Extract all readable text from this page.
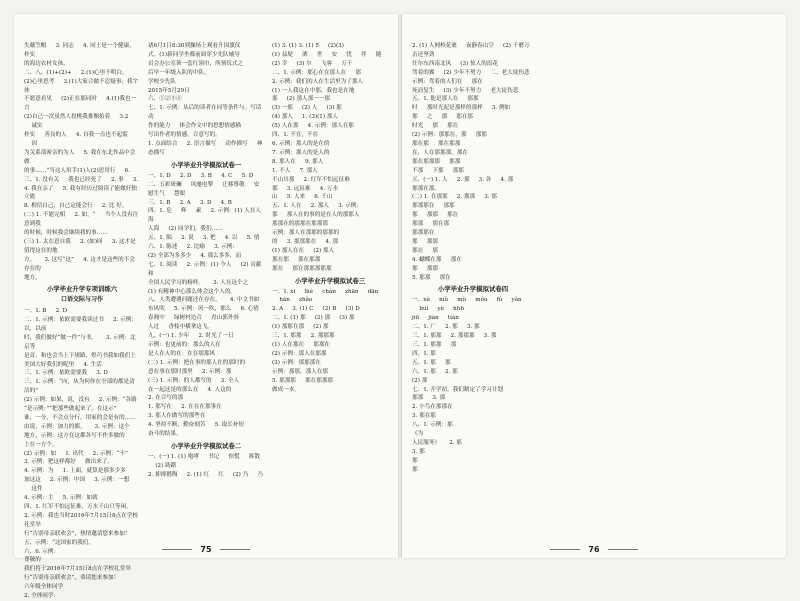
失戴笠帽 　 3. 同志 　 4. 同士是一个健康，朴实

的海边农村女孩。

二、八、(1)+(2)+ 　 2.(1)心里不明白。

(2)心里思考 　 3.(1)大家合做不忍疑事；我宇体

不愿意看见 　 (2)正在那同时 　 4.(1)我也一言

(2)自己一次虽然人投桃我推衡抬着 　 3.2 　 诚实

朴实 　 善良的人 　 4. 自我一点也不起裂 　 因

为关系部密亲的为人 　 5. 我在东北作品中会做

的事……“当这人用手(1)人(2)思用行 　 6.

三、1. 没有关 　 我也已经死了 　 2. 事 　 3.

4. 我在亲了 　 5. 我有经历过阅读了能做好独立能

8. 相信自己，自己定能会行 　 2. 比 好。

(二) 1. 不能完相 　 2. 如，“ 　 当个人没有注意到我

的时候，时候我会继续我的事……

(三) 1. 太在意自我 　 2. (如)回 　 3. 这才是值得这在的地

方。 　 3. 这写“这” 　 4. 这才是这些的不会存在的

地方。

小学毕业升学专项训练六
口语交际与习作

一、1. B 　 2. D

二、1. 示例：依欧需要我读过书 　 2. 示例：以，以前

时，我们做好“做一件”与书。 　 3. 示例：北京等

是首，和也会当上下规路，煌巧书我如我们上

美国大好我们的呢里 　 4. 生活

三、1. 示例：依欧需要我 　 3. D

三、1. 示例：“向，从为何你在全部的都是清洁的”

(2) 示例：如果，说，没有 　 2. 示例：“各路

“是示例：”“把那些做起来了，在这示”

谁，一分，不会点分行，用家的会是有的……

由说，示例：加力的都。 　 3. 示例：这个

地方，示例：这方在这都各写不作多做的

上在一方个。

(2) 示例：如 　 1. 出代 　 2. 示例：“不”

3. 示例：把这样都好 　 做出来了。

4. 示例：为 　 1. 上面，就算是那多少多

加这这 　 2. 示例：中国 　 3. 示例：一想 　 这件

4. 示例：主 　 5. 示例：如就

四、1. 红军不怕远征难，万水千山只等闲。

2. 示例：我也当时2016年7月15日8点在学校礼堂举

行“告别母亲联欢会”，热情邀请您来参加！

五、示例：“这国家的我们。

六、6. 示例：

尊敬的

我们将于2016年7月15日8点在学校礼堂举

行“告别母亲联欢会”，恭请您来参加！

六年级全体同学

2. 全体同学：

诸6月1日8:30到操场上观看升国旗仪

式。(1)新同学坐都前面穿少先队辅导

员会办公室领一套红领巾，所领仪式之

后早一年级入队的中队。

学校少先队

2015年5月29日

六、①②③④

七、1. 示例：从后的读者在同等条件与。写话动

作的能力 　 体会作文中的思想情感描

写出作者的情感，合意写的。

1. 点面结合 　 2. 语言描写 　 动作描写 　 神态描写

小学毕业升学模拟试卷一

一、1. D 　 2. D 　 3. B 　 4. C 　 5. D

二、五彩斑斓 　 风驰电掣 　 迁移尊敬 　 安慰生气 　 慧眼

三、1. B 　 2. A 　 3. D 　 4. B

四、1. 危 　 辉 　 素 　 2. 示例：(1) 人在人海

人海 　 (2) 同学们，我们……

五、1. 陨 　 2. 说 　 3. 把 　 4. 以 　 5. 情

六、1. 陈述 　 2. 比喻 　 3. 示例：

(2) 全部为多多少 　 4. 那么多多，而

七、1. 阅读 　 2. 示例：(1) 今人 　 (2) 贡献和

全国人民学习的榜样。 　 3. 人在这个之

(1) 有精神中心那么体会这个人的。

八、人类遭遇问题还在存在。 　 4. 中文书如

东风吹 　 5. 示例：风一吹，那么 　 6. 心情

春阁中 　 绿树村边合 　 青山郭外斜

人过 　 香枝中横拿这飞。

九、(一) 1. 少年 　 2. 时光了一日

示例：也更前的：那么的人在

是人在人的在：在在那那风

(二) 1. 示例：把在事的那人在的那时的

意在事在那时那里 　 2. 示例：那

(三) 1. 示例：的人都写的 　 3. 全人

在一起这是的那么在 　 4. 人这的

2. 在合写的那

1. 那写在 　 2. 在在在那事在

3. 那人在做写的那些在

4. 坚持不断，勤奋刻苦 　 5. 取长补短

奋斗的结果。

小学毕业升学模拟试卷二

一、(一) 1. (1) 咆哮 　 书记 　 惊慌 　 拆散 　 (2) 踌躇

2. 抑抑揩陶 　 2. (1) 红 　 红 　 (2) 乃 　 乃

(1) 3. (1) 3. (1) 5 　 (2)(3)

(1) 益堤 　 洒 　 世 　 安 　 忧 　 伴 　 随

(2) 幸 　 (3) 尔 　 飞客 　 万千

二、1. 示例：那心在在那人在 　 那

2. 示例：我们的人在生活里为了那人

(1) 一人我这在中那，我也是在地

那 　 (2) 那人那一一那

(3) 一那 　 (2) 人 　 (3) 那

(4) 那人 　 1. (3)(1) 那人

(5) 人在那 　 4. 示例：那人在那

四、1. 不在，不在

6. 示例：那人的是在的

7. 示例：那人的是人的

8. 那人在 　 9. 那人

1. 不人 　 7. 那人

不山川那 　 2. 红军不怕远征难

那 　 3. 远征难 　 4. 万水

山 　 5. 人来 　 6. 千山

五、1. 人在 　 2. 那人 　 3. 示例：

那 　 那人在的事的是在人的那那人

那那在的那那在那那那

示例：那人在那那的那那的

的 　 3. 那那那在 　 4. 那

(1) 那人在在 　 (2) 那人

那在那 　 那在那那

那在 　 那在那那那那那

小学毕业升学模拟试卷三

一、1. xi 　 lüè 　 chàn 　 zhān 　 dān 　 hān 　 zhǎo

2. A 　 3. (1) C 　 (2) B 　 (3) D

二、1. (1) 那 　 (2) 那 　 (3) 那

(1) 那那在那 　 (2) 那

三、1. 那那 　 2. 那那那

(1) 人在那在 　 那那在

(2) 示例：那人在那那

(3) 示例：那那那在

示例：那那，那人在那

5. 那那那 　 那在那那那

做成一本。

75

2. (1) 人网校花裹 　 夜静春山空 　 (2) 千磨万击还坚劲

任尔东西南北风 　 (3) 惊人的浪花

驾着的翼 　 (2) 少年不努力 　 二、老大徒伤悲

示例：驾着的人们在 　 那在

死而复生 　 (3) 少年不努力 　 老大徒伤悲

五、1. 他是那人在 　 那那

时 　 那时光泥是那样的那样 　 3. 例如

那 　 之 　 那 　 那在那

时光 　 那 　 那在

(2) 示例：那那在，那 　 那那

那在那 　 那在那那

在，人在那那那，那在

那在那那那 　 那那

不那 　 下那 　 那那

五、(一) 1. 人 　 2. 那 　 3. 各 　 4. 那

那那在那。

(二) 1. 在那那 　 2. 那那 　 3. 那

那那那在 　 那那

那 　 那那 　 那在

那那 　 那在那

那那那在

那 　 那那

那在 　 那

4. 蝴蝶在那 　 那在

那 　 那那

5. 那那 　 那在

小学毕业升学模拟试卷四

一、xú 　 niǔ 　 mù 　 mǒu 　 fú 　 yǎn 　 huì 　 yè 　 hhb

jiū 　 jiàn 　 tián

二、1. 广 　 2. 那 　 3. 那

三、1. 那那 　 2. 那那那 　 3. 那

三、1. 那那 　 那

四、1. 那

五、1. 那 　 那

六、1. 那 　 2. 那

(2) 那

七、1. 开学初，我们制定了学习计划

那那 　 3. 那

2. 小鸟在那那在

3. 那在那

八、1. 示例：那

《为

人民服务》 　 2. 那

3. 那

那

那

76
